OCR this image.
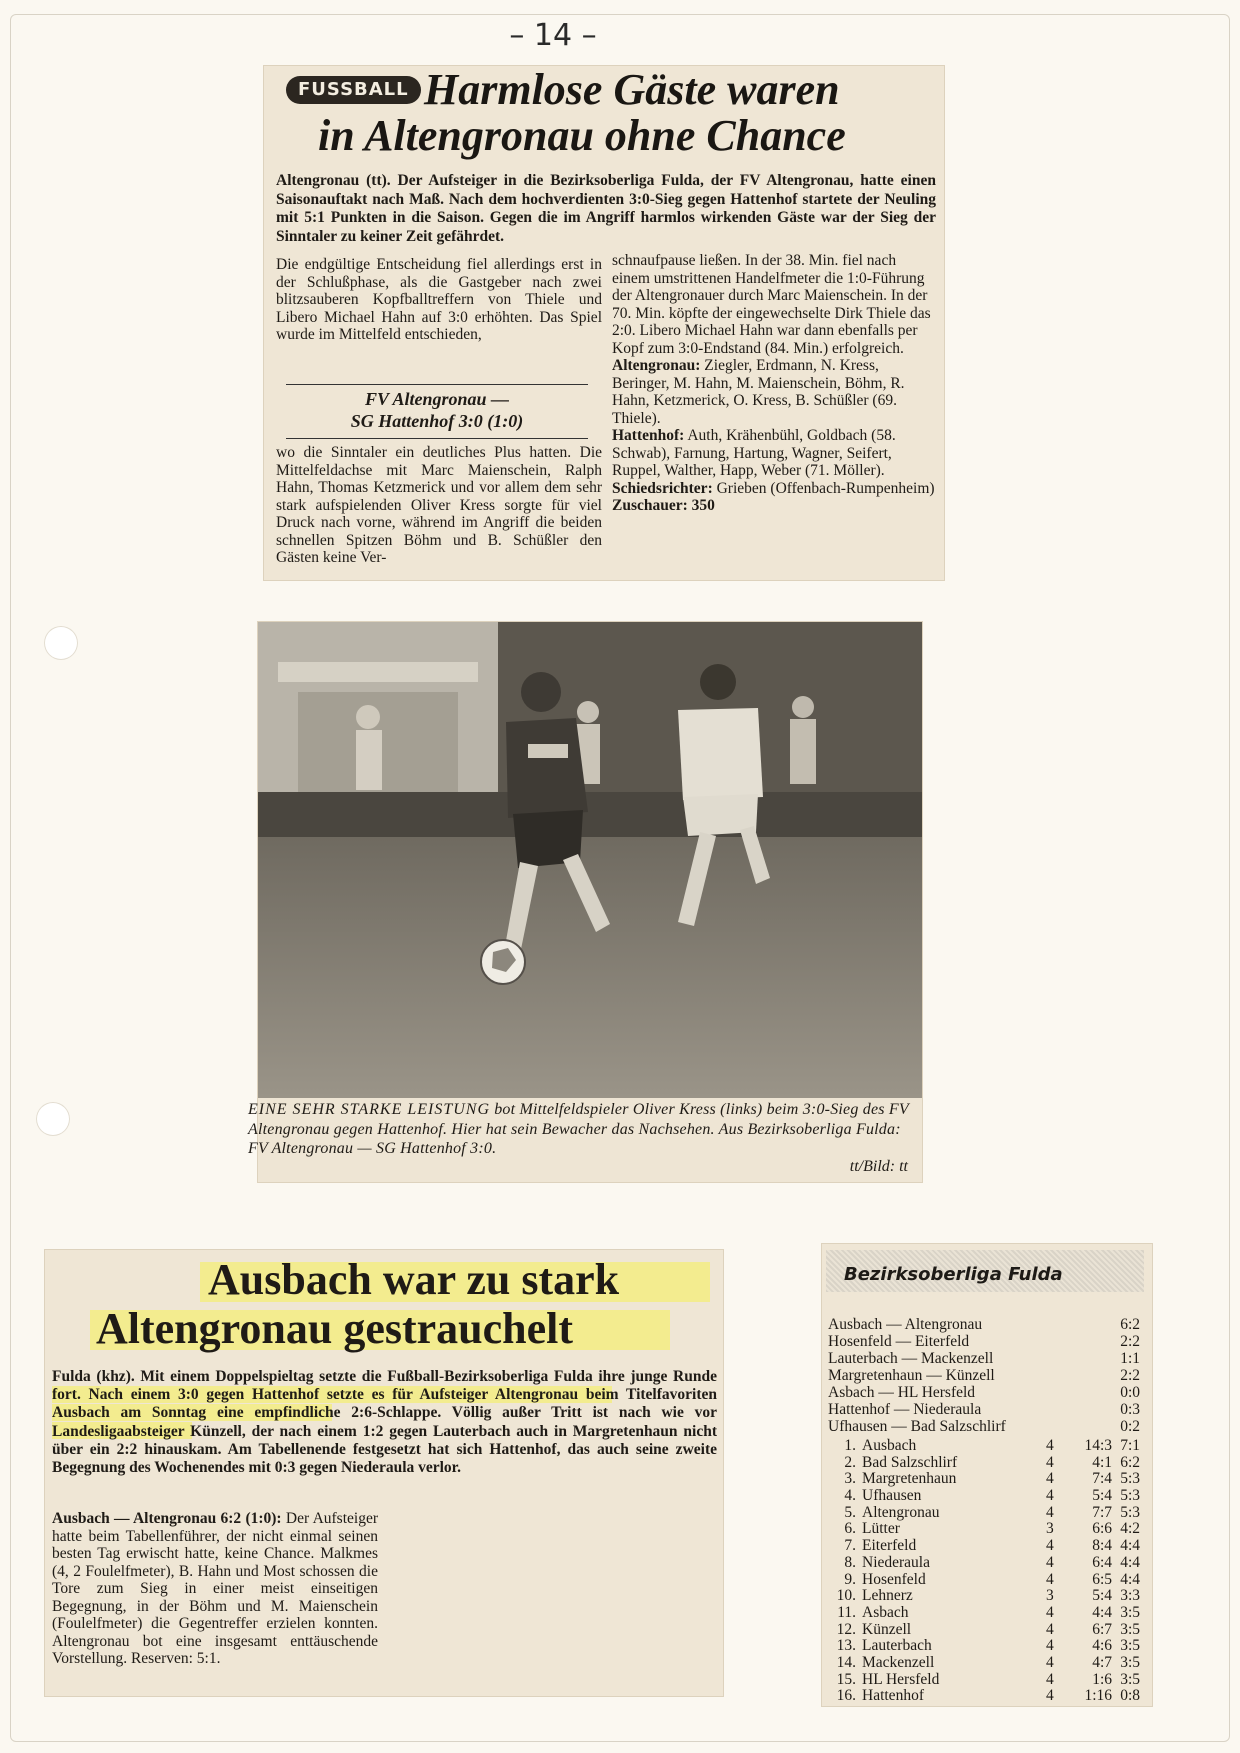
– 14 –
FUSSBALL Harmlose Gäste waren
in Altengronau ohne Chance
Altengronau (tt). Der Aufsteiger in die Bezirksoberliga Fulda, der FV Altengronau, hatte einen Saisonauftakt nach Maß. Nach dem hochverdienten 3:0-Sieg gegen Hattenhof startete der Neuling mit 5:1 Punkten in die Saison. Gegen die im Angriff harmlos wirkenden Gäste war der Sieg der Sinntaler zu keiner Zeit gefährdet.
Die endgültige Entscheidung fiel allerdings erst in der Schlußphase, als die Gastgeber nach zwei blitzsauberen Kopfballtreffern von Thiele und Libero Michael Hahn auf 3:0 erhöhten. Das Spiel wurde im Mittelfeld entschieden,
FV Altengronau —
SG Hattenhof 3:0 (1:0)
wo die Sinntaler ein deutliches Plus hatten. Die Mittelfeldachse mit Marc Maienschein, Ralph Hahn, Thomas Ketzmerick und vor allem dem sehr stark aufspielenden Oliver Kress sorgte für viel Druck nach vorne, während im Angriff die beiden schnellen Spitzen Böhm und B. Schüßler den Gästen keine Ver-

schnaufpause ließen. In der 38. Min. fiel nach einem umstrittenen Handelfmeter die 1:0-Führung der Altengronauer durch Marc Maienschein. In der 70. Min. köpfte der eingewechselte Dirk Thiele das 2:0. Libero Michael Hahn war dann ebenfalls per Kopf zum 3:0-Endstand (84. Min.) erfolgreich.

Altengronau: Ziegler, Erdmann, N. Kress, Beringer, M. Hahn, M. Maienschein, Böhm, R. Hahn, Ketzmerick, O. Kress, B. Schüßler (69. Thiele).

Hattenhof: Auth, Krähenbühl, Goldbach (58. Schwab), Farnung, Hartung, Wagner, Seifert, Ruppel, Walther, Happ, Weber (71. Möller).

Schiedsrichter: Grieben (Offenbach-Rumpenheim)

Zuschauer: 350

EINE SEHR STARKE LEISTUNG bot Mittelfeldspieler Oliver Kress (links) beim 3:0-Sieg des FV Altengronau gegen Hattenhof. Hier hat sein Bewacher das Nachsehen. Aus Bezirksoberliga Fulda: FV Altengronau — SG Hattenhof 3:0.
tt/Bild: tt
Ausbach war zu stark
Altengronau gestrauchelt
Fulda (khz). Mit einem Doppelspieltag setzte die Fußball-Bezirksoberliga Fulda ihre junge Runde fort. Nach einem 3:0 gegen Hattenhof setzte es für Aufsteiger Altengronau beim Titelfavoriten Ausbach am Sonntag eine empfindliche 2:6-Schlappe. Völlig außer Tritt ist nach wie vor Landesligaabsteiger Künzell, der nach einem 1:2 gegen Lauterbach auch in Margretenhaun nicht über ein 2:2 hinauskam. Am Tabellenende festgesetzt hat sich Hattenhof, das auch seine zweite Begegnung des Wochenendes mit 0:3 gegen Niederaula verlor.
Ausbach — Altengronau 6:2 (1:0): Der Aufsteiger hatte beim Tabellenführer, der nicht einmal seinen besten Tag erwischt hatte, keine Chance. Malkmes (4, 2 Foulelfmeter), B. Hahn und Most schossen die Tore zum Sieg in einer meist einseitigen Begegnung, in der Böhm und M. Maienschein (Foulelfmeter) die Gegentreffer erzielen konnten. Altengronau bot eine insgesamt enttäuschende Vorstellung. Reserven: 5:1.
Bezirksoberliga Fulda
Ausbach — Altengronau	6:2
Hosenfeld — Eiterfeld	2:2
Lauterbach — Mackenzell	1:1
Margretenhaun — Künzell	2:2
Asbach — HL Hersfeld	0:0
Hattenhof — Niederaula	0:3
Ufhausen — Bad Salzschlirf	0:2
1. Ausbach	4	14:3 7:1
2. Bad Salzschlirf	4	4:1 6:2
3. Margretenhaun	4	7:4 5:3
4. Ufhausen	4	5:4 5:3
5. Altengronau	4	7:7 5:3
6. Lütter	3	6:6 4:2
7. Eiterfeld	4	8:4 4:4
8. Niederaula	4	6:4 4:4
9. Hosenfeld	4	6:5 4:4
10. Lehnerz	3	5:4 3:3
11. Asbach	4	4:4 3:5
12. Künzell	4	6:7 3:5
13. Lauterbach	4	4:6 3:5
14. Mackenzell	4	4:7 3:5
15. HL Hersfeld	4	1:6 3:5
16. Hattenhof	4	1:16 0:8
